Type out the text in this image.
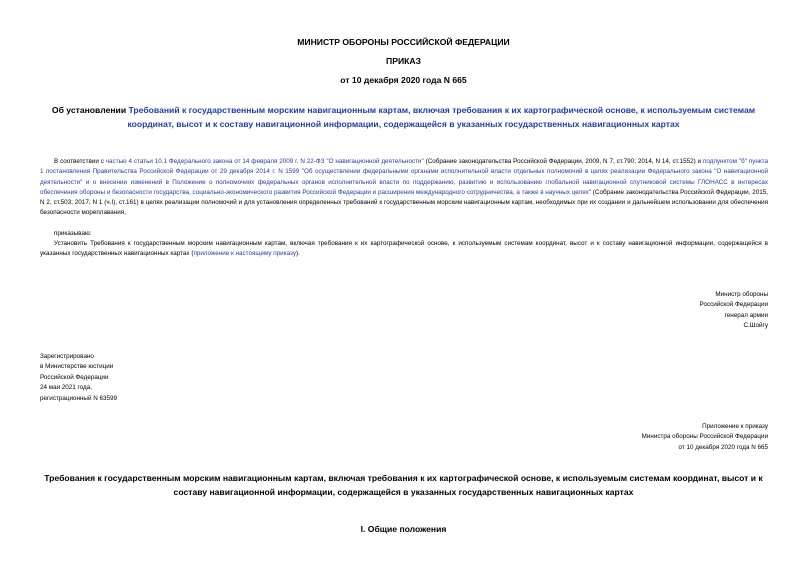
МИНИСТР ОБОРОНЫ РОССИЙСКОЙ ФЕДЕРАЦИИ
ПРИКАЗ
от 10 декабря 2020 года N 665
Об установлении Требований к государственным морским навигационным картам, включая требования к их картографической основе, к используемым системам координат, высот и к составу навигационной информации, содержащейся в указанных государственных навигационных картах
В соответствии с частью 4 статьи 10.1 Федерального закона от 14 февраля 2009 г. N 22-ФЗ "О навигационной деятельности" (Собрание законодательства Российской Федерации, 2009, N 7, ст.790; 2014, N 14, ст.1552) и подпунктом "б" пункта 1 постановления Правительства Российской Федерации от 29 декабря 2014 г. N 1599 "Об осуществлении федеральными органами исполнительной власти отдельных полномочий в целях реализации Федерального закона "О навигационной деятельности" и о внесении изменений в Положение о полномочиях федеральных органов исполнительной власти по поддержанию, развитию и использованию глобальной навигационной спутниковой системы ГЛОНАСС в интересах обеспечения обороны и безопасности государства, социально-экономического развития Российской Федерации и расширения международного сотрудничества, а также в научных целях" (Собрание законодательства Российской Федерации, 2015, N 2, ст.503; 2017, N 1 (ч.I), ст.161) в целях реализации полномочий и для установления определенных требований к государственным морским навигационным картам, необходимых при их создании и дальнейшем использовании для обеспечения безопасности мореплавания,
приказываю:
Установить Требования к государственным морским навигационным картам, включая требования к их картографической основе, к используемым системам координат, высот и к составу навигационной информации, содержащейся в указанных государственных навигационных картах (приложение к настоящему приказу).
Министр обороны
Российской Федерации
генерал армии
С.Шойгу
Зарегистрировано
в Министерстве юстиции
Российской Федерации
24 мая 2021 года,
регистрационный N 63599
Приложение к приказу
Министра обороны Российской Федерации
от 10 декабря 2020 года N 665
Требования к государственным морским навигационным картам, включая требования к их картографической основе, к используемым системам координат, высот и к составу навигационной информации, содержащейся в указанных государственных навигационных картах
I. Общие положения
